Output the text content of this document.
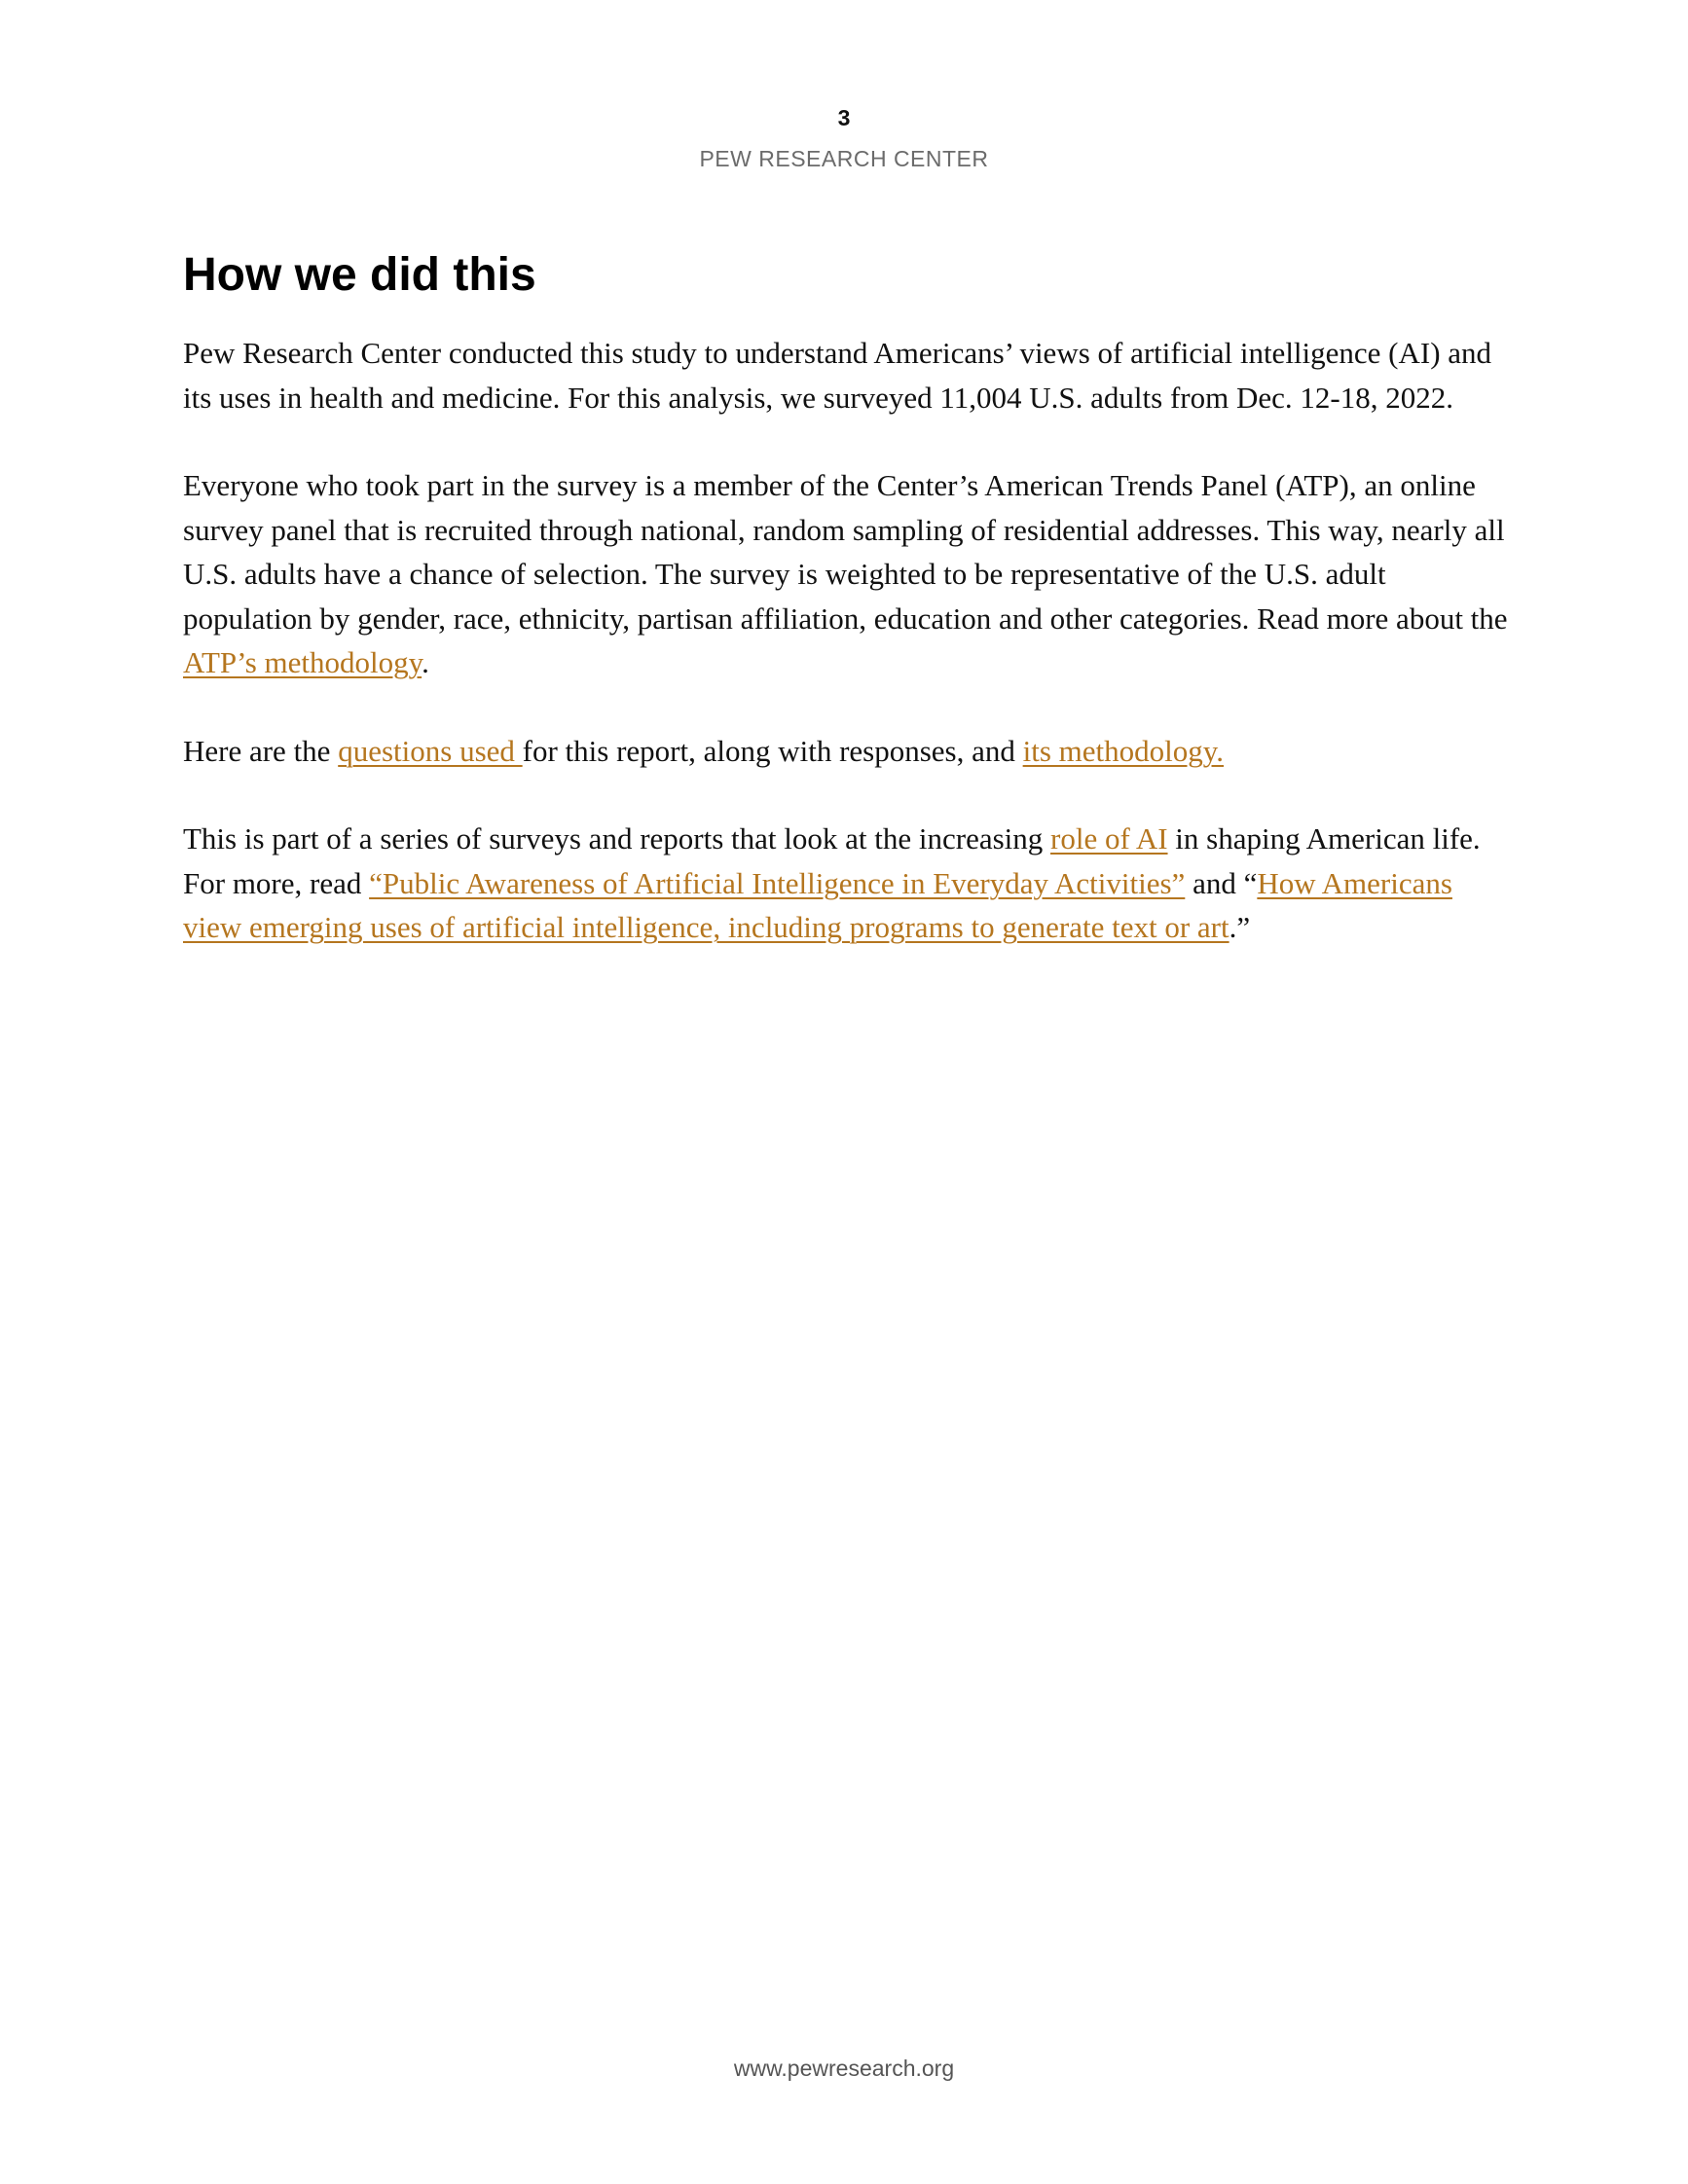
3
PEW RESEARCH CENTER
How we did this

Pew Research Center conducted this study to understand Americans’ views of artificial intelligence (AI) and its uses in health and medicine. For this analysis, we surveyed 11,004 U.S. adults from Dec. 12-18, 2022.

Everyone who took part in the survey is a member of the Center’s American Trends Panel (ATP), an online survey panel that is recruited through national, random sampling of residential addresses. This way, nearly all U.S. adults have a chance of selection. The survey is weighted to be representative of the U.S. adult population by gender, race, ethnicity, partisan affiliation, education and other categories. Read more about the ATP’s methodology.

Here are the questions used for this report, along with responses, and its methodology.

This is part of a series of surveys and reports that look at the increasing role of AI in shaping American life. For more, read “Public Awareness of Artificial Intelligence in Everyday Activities” and “How Americans view emerging uses of artificial intelligence, including programs to generate text or art.”

www.pewresearch.org
